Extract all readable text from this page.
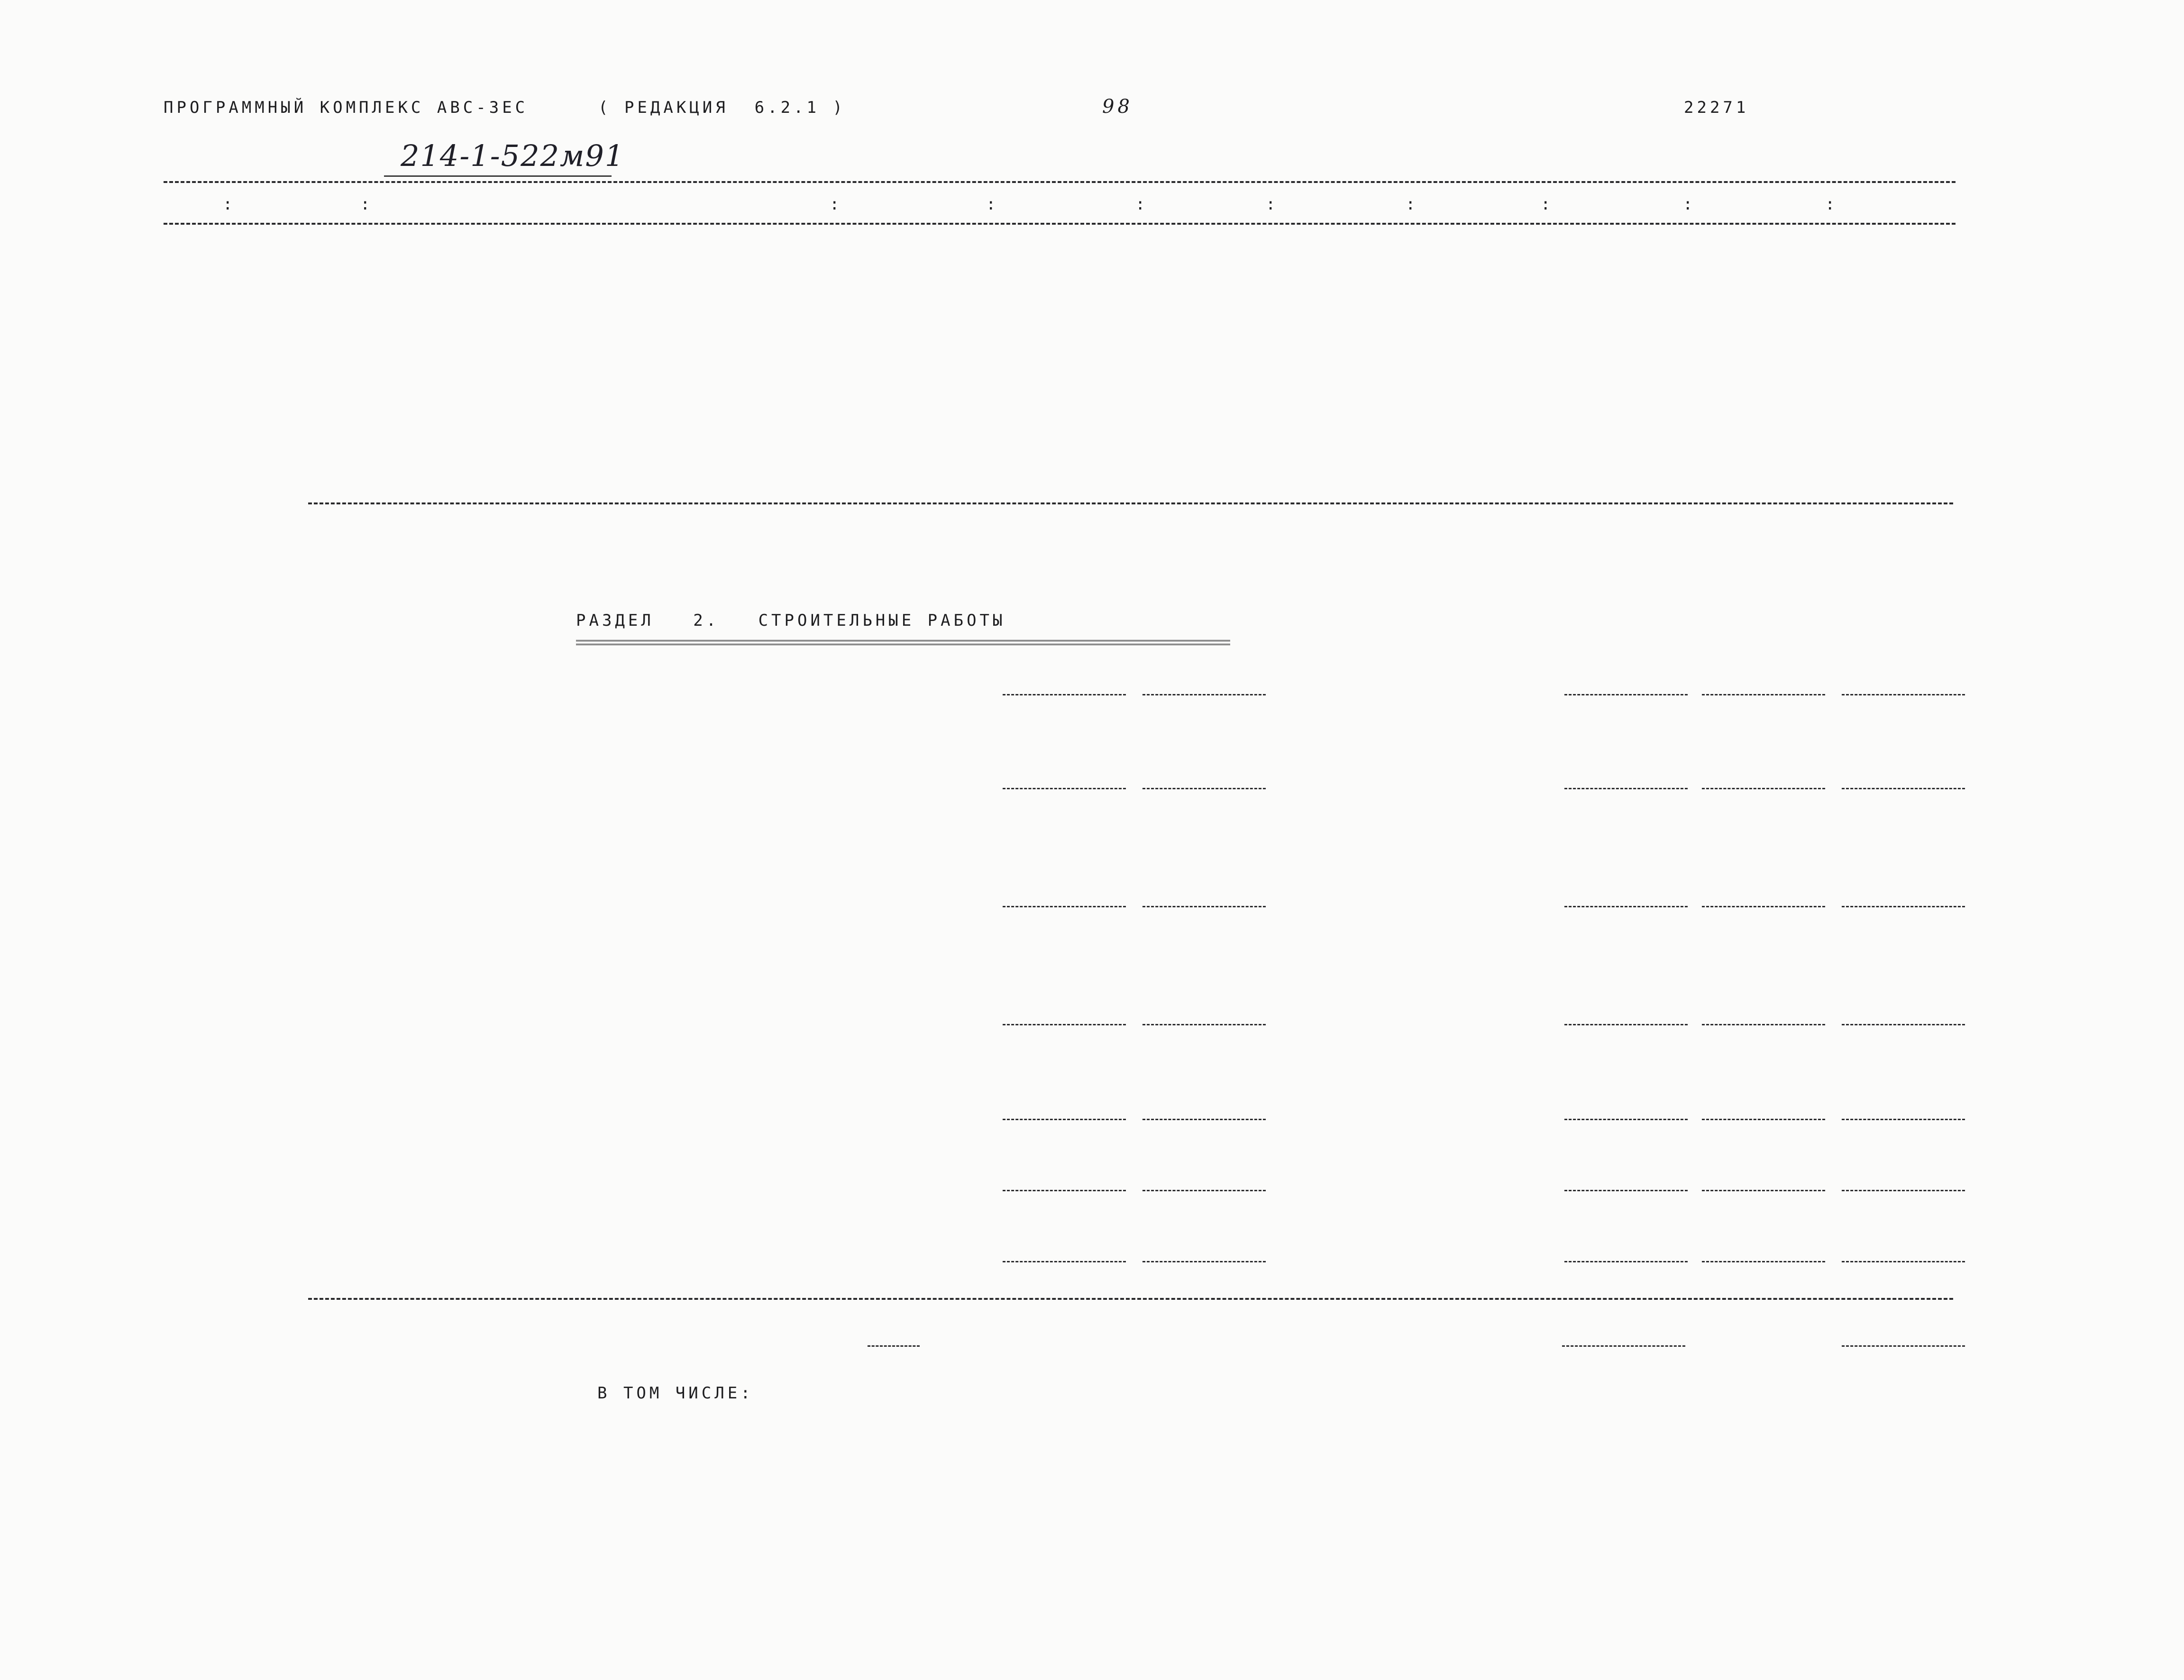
ПРОГРАММНЫЙ КОМПЛЕКС АВС-3ЕС	( РЕДАКЦИЯ  6.2.1 )	98	22271
214-1-522м91
:	:	:	:	:	:	:	:	:	:
РАЗДЕЛ   2.   СТРОИТЕЛЬНЫЕ РАБОТЫ
В ТОМ ЧИСЛЕ:
